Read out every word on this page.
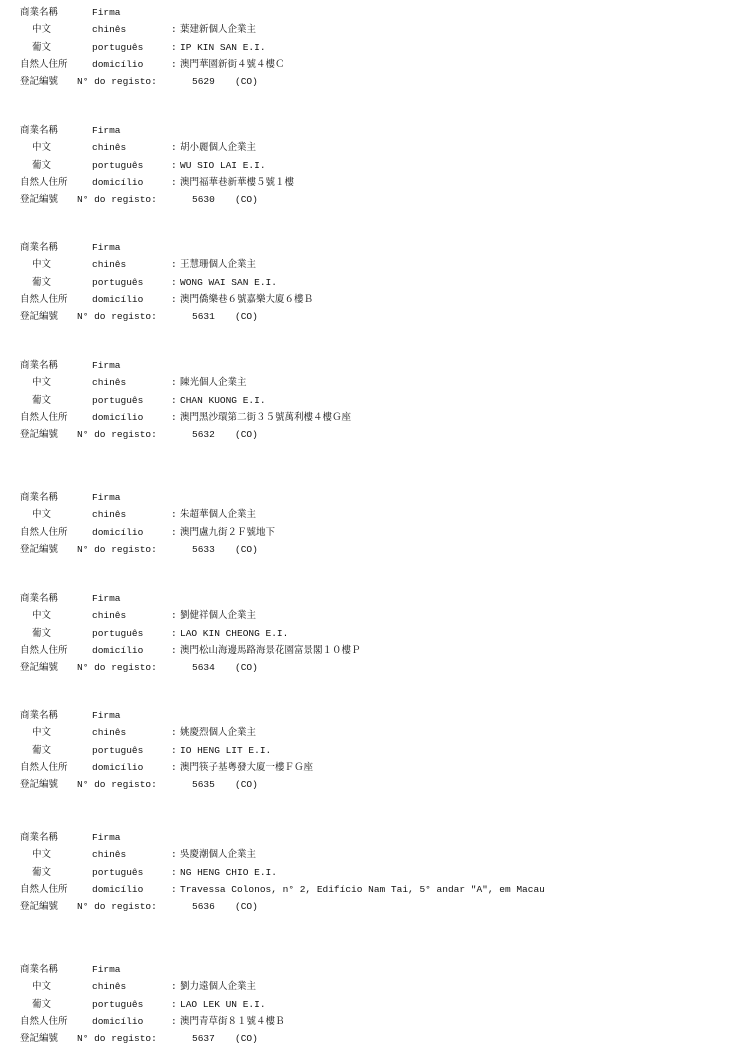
商業名稱	Firma
中文	chinês	: 葉建新個人企業主
葡文	português	: IP KIN SAN E.I.
自然人住所	domicílio	: 澳門華園新街４號４樓Ｃ
登記編號 N° do registo:	5629 (CO)
商業名稱	Firma
中文	chinês	: 胡小麗個人企業主
葡文	português	: WU SIO LAI E.I.
自然人住所	domicílio	: 澳門福華巷新華樓５號１樓
登記編號 N° do registo:	5630 (CO)
商業名稱	Firma
中文	chinês	: 王慧珊個人企業主
葡文	português	: WONG WAI SAN E.I.
自然人住所	domicílio	: 澳門僑樂巷６號嘉樂大廈６樓Ｂ
登記編號 N° do registo:	5631 (CO)
商業名稱	Firma
中文	chinês	: 陳光個人企業主
葡文	português	: CHAN KUONG E.I.
自然人住所	domicílio	: 澳門黑沙環第二街３５號萬利樓４樓Ｇ座
登記編號 N° do registo:	5632 (CO)
商業名稱	Firma
中文	chinês	: 朱超華個人企業主
自然人住所	domicílio	: 澳門盧九街２Ｆ號地下
登記編號 N° do registo:	5633 (CO)
商業名稱	Firma
中文	chinês	: 劉健祥個人企業主
葡文	português	: LAO KIN CHEONG E.I.
自然人住所	domicílio	: 澳門松山海邊馬路海景花園富景閣１０樓Ｐ
登記編號 N° do registo:	5634 (CO)
商業名稱	Firma
中文	chinês	: 姚慶烈個人企業主
葡文	português	: IO HENG LIT E.I.
自然人住所	domicílio	: 澳門筷子基粵發大廈一樓ＦＧ座
登記編號 N° do registo:	5635 (CO)
商業名稱	Firma
中文	chinês	: 吳慶潮個人企業主
葡文	português	: NG HENG CHIO E.I.
自然人住所	domicílio	: Travessa Colonos, n° 2, Edifício Nam Tai, 5° andar "A", em Macau
登記編號 N° do registo:	5636 (CO)
商業名稱	Firma
中文	chinês	: 劉力遠個人企業主
葡文	português	: LAO LEK UN E.I.
自然人住所	domicílio	: 澳門青草街８１號４樓Ｂ
登記編號 N° do registo:	5637 (CO)
